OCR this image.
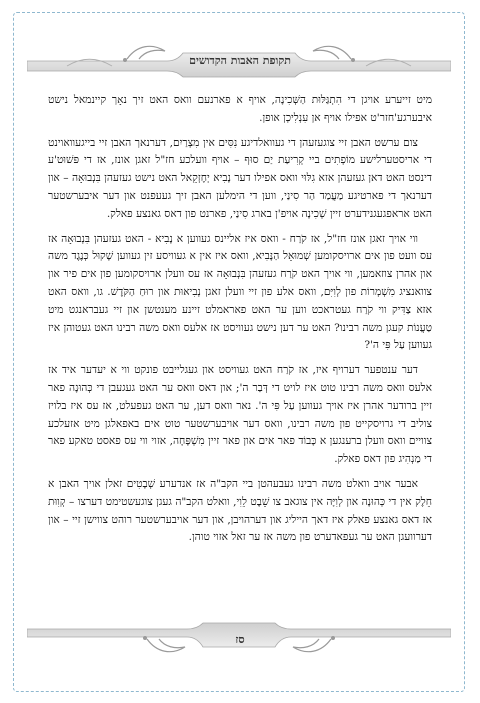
תקופת האבות הקדושים

מיט זייערע אויגן די הִתְגַּלּוּת הַשְּׁכִינָה, אויף א פארנעם וואס האט זיך נאָך קיינמאל נישט איבערגע'חזר'ט אפילו אויף אן עִנְלִיכְן אופן.

צום ערשט האבן זיי צוגעזעהן די געוואלדיגע נִסִּים אין מִצְרַיִם, דערנאך האבן זיי בייגעוואוינט די אריסטערלישע מוֹפְתִים ביי קְרִיעַת יַם סוּף – אויף וועלכע חז"ל זאגן אונז, אז די פּשׁוּט'ע דינסט האט דאן געזעהן אזא גִלּוּי וואס אפילו דער נָבִיא יְחֶזְקֵאל האט נישט געזעהן בִּנְבוּאָה – און דערנאך די פארטיגע מַעֲמַד הַר סִינַי, ווען די הימלען האבן זיך געעפנט און דער איבערשטער האט אראפגעגנידערט זיין שְׁכִינָה אויפ'ן בארג סִינַי, פארנט פון דאס גאנצע פאלק.

ווי אויך זאגן אונז חז"ל, אז קֹרַח - וואס איז אליינס געווען א נָבִיא - האט געזעהן בִּנְבוּאָה אז עס וועט פון אים ארויסקומען שְׁמוּאֵל הַנָּבִיא, וואס איז אין א געוויסע זין געווען שָׁקוּל כְּנֶגֶד משה און אהרן צוזאמען, ווי אויך האט קֹרַח געזעהן בִּנְבוּאָה אז עס וועלן ארויסקומען פון אים פיר און צוואנציג מִשְׁמְרוֹת פון לְוִיִּם, וואס אלע פון זיי וועלן זאגן נְבִיאוּת און רוּחַ הַקֹּדֶשׁ. גו, וואס האט אזא צַדִּיק ווי קֹרַח געטראכט ווען ער האט פאראמלט זיינע מענטשן און זיי געבראנגט מיט טַעֲנוֹת קעגן משה רבינו? האט ער דען נישט געוויסט אז אלעס וואס משה רבינו האט געטוהן איז געווען עַל פִּי ה'?

דער ענטפער דערויף איז, אז קֹרַח האט געוויסט און געגלייבט פונקט ווי א יעדער איד אז אלעס וואס משה רבינו טוט איז לויט די דְּבַר ה'; און דאס וואס ער האט געגעבן די כְּהוּנָה פאר זיין ברודער אהרן איז אויך געווען עַל פִּי ה'. נאר וואס דען, ער האט געפעלט, אז עס איז בלויז צוליב די גרויסקייט פון משה רבינו, וואס דער אויבערשטער טוט אים באפאלגן מיט אזעלכע צוויים וואס וועלן ברענגען א כָּבוֹד פאר אים און פאר זיין מִשְׁפָּחָה, אזוי ווי עס פאסט טאקע פאר די מַנְהִיג פון דאס פאלק.

אבער אויב וואלט משה רבינו געבעהטן ביי הקב"ה אז אנדערע שְׁבָטִים זאלן אויך האבן א חֵלֶק אין די כְּהוּנָה און לְוִיָּה אין צוגאב צו שֵׁבֶט לֵוִי, וואלט הקב"ה געגן צוגעשטימט דערצו – קְוִוּת אז דאס גאנצע פאלק איז דאך הייליג און דערהויבן, און דער אויבערשטער רוהט צווישן זיי – און דערוועגן האט ער געפאדערט פון משה אז ער זאל אזוי טוהן.

סז
